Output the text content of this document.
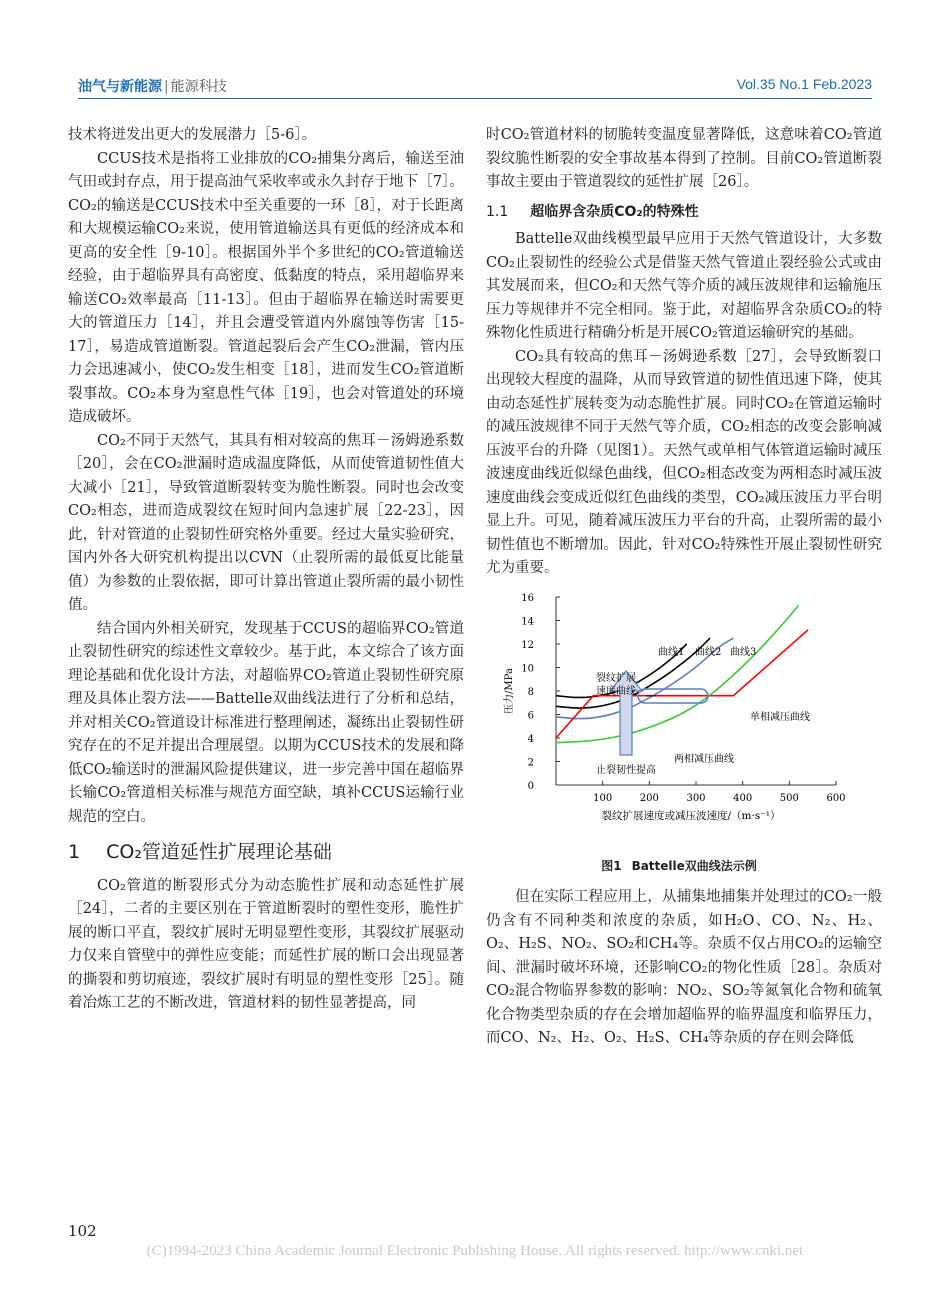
油气与新能源 | 能源科技	Vol.35 No.1 Feb.2023

技术将迸发出更大的发展潜力［5-6］。

CCUS技术是指将工业排放的CO₂捕集分离后，输送至油气田或封存点，用于提高油气采收率或永久封存于地下［7］。CO₂的输送是CCUS技术中至关重要的一环［8］，对于长距离和大规模运输CO₂来说，使用管道输送具有更低的经济成本和更高的安全性［9-10］。根据国外半个多世纪的CO₂管道输送经验，由于超临界具有高密度、低黏度的特点，采用超临界来输送CO₂效率最高［11-13］。但由于超临界在输送时需要更大的管道压力［14］，并且会遭受管道内外腐蚀等伤害［15-17］，易造成管道断裂。管道起裂后会产生CO₂泄漏，管内压力会迅速减小，使CO₂发生相变［18］，进而发生CO₂管道断裂事故。CO₂本身为窒息性气体［19］，也会对管道处的环境造成破坏。

CO₂不同于天然气，其具有相对较高的焦耳－汤姆逊系数［20］，会在CO₂泄漏时造成温度降低，从而使管道韧性值大大减小［21］，导致管道断裂转变为脆性断裂。同时也会改变CO₂相态，进而造成裂纹在短时间内急速扩展［22-23］，因此，针对管道的止裂韧性研究格外重要。经过大量实验研究，国内外各大研究机构提出以CVN（止裂所需的最低夏比能量值）为参数的止裂依据，即可计算出管道止裂所需的最小韧性值。

结合国内外相关研究，发现基于CCUS的超临界CO₂管道止裂韧性研究的综述性文章较少。基于此，本文综合了该方面理论基础和优化设计方法，对超临界CO₂管道止裂韧性研究原理及具体止裂方法——Battelle双曲线法进行了分析和总结，并对相关CO₂管道设计标准进行整理阐述，凝练出止裂韧性研究存在的不足并提出合理展望。以期为CCUS技术的发展和降低CO₂输送时的泄漏风险提供建议，进一步完善中国在超临界长输CO₂管道相关标准与规范方面空缺，填补CCUS运输行业规范的空白。

1 CO₂管道延性扩展理论基础

CO₂管道的断裂形式分为动态脆性扩展和动态延性扩展［24］，二者的主要区别在于管道断裂时的塑性变形，脆性扩展的断口平直，裂纹扩展时无明显塑性变形，其裂纹扩展驱动力仅来自管壁中的弹性应变能；而延性扩展的断口会出现显著的撕裂和剪切痕迹，裂纹扩展时有明显的塑性变形［25］。随着冶炼工艺的不断改进，管道材料的韧性显著提高，同

时CO₂管道材料的韧脆转变温度显著降低，这意味着CO₂管道裂纹脆性断裂的安全事故基本得到了控制。目前CO₂管道断裂事故主要由于管道裂纹的延性扩展［26］。

1.1 超临界含杂质CO₂的特殊性

Battelle双曲线模型最早应用于天然气管道设计，大多数CO₂止裂韧性的经验公式是借鉴天然气管道止裂经验公式或由其发展而来，但CO₂和天然气等介质的减压波规律和运输施压压力等规律并不完全相同。鉴于此，对超临界含杂质CO₂的特殊物化性质进行精确分析是开展CO₂管道运输研究的基础。

CO₂具有较高的焦耳－汤姆逊系数［27］，会导致断裂口出现较大程度的温降，从而导致管道的韧性值迅速下降，使其由动态延性扩展转变为动态脆性扩展。同时CO₂在管道运输时的减压波规律不同于天然气等介质，CO₂相态的改变会影响减压波平台的升降（见图1）。天然气或单相气体管道运输时减压波速度曲线近似绿色曲线，但CO₂相态改变为两相态时减压波速度曲线会变成近似红色曲线的类型，CO₂减压波压力平台明显上升。可见，随着减压波压力平台的升高，止裂所需的最小韧性值也不断增加。因此，针对CO₂特殊性开展止裂韧性研究尤为重要。

0
2
4
6
8
10
12
14
16
100	200	300	400	500	600
曲线1 曲线2 曲线3
裂纹扩展
速度曲线
单相减压曲线
两相减压曲线
止裂韧性提高
压力/MPa
裂纹扩展速度或减压波速度/（m·s⁻¹）
图1 Battelle双曲线法示例

但在实际工程应用上，从捕集地捕集并处理过的CO₂一般仍含有不同种类和浓度的杂质，如H₂O、CO、N₂、H₂、O₂、H₂S、NO₂、SO₂和CH₄等。杂质不仅占用CO₂的运输空间、泄漏时破坏环境，还影响CO₂的物化性质［28］。杂质对CO₂混合物临界参数的影响：NO₂、SO₂等氮氧化合物和硫氧化合物类型杂质的存在会增加超临界的临界温度和临界压力，而CO、N₂、H₂、O₂、H₂S、CH₄等杂质的存在则会降低

102
(C)1994-2023 China Academic Journal Electronic Publishing House. All rights reserved. http://www.cnki.net
